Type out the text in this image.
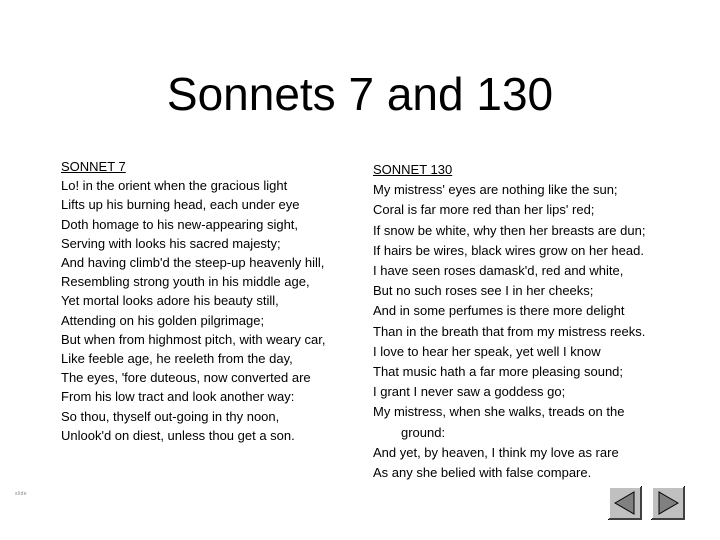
Sonnets 7 and 130
SONNET 7
Lo! in the orient when the gracious light
Lifts up his burning head, each under eye
Doth homage to his new-appearing sight,
Serving with looks his sacred majesty;
And having climb'd the steep-up heavenly hill,
Resembling strong youth in his middle age,
Yet mortal looks adore his beauty still,
Attending on his golden pilgrimage;
But when from highmost pitch, with weary car,
Like feeble age, he reeleth from the day,
The eyes, 'fore duteous, now converted are
From his low tract and look another way:
So thou, thyself out-going in thy noon,
Unlook'd on diest, unless thou get a son.
SONNET 130
My mistress' eyes are nothing like the sun;
Coral is far more red than her lips' red;
If snow be white, why then her breasts are dun;
If hairs be wires, black wires grow on her head.
I have seen roses damask'd, red and white,
But no such roses see I in her cheeks;
And in some perfumes is there more delight
Than in the breath that from my mistress reeks.
I love to hear her speak, yet well I know
That music hath a far more pleasing sound;
I grant I never saw a goddess go;
My mistress, when she walks, treads on the
ground:
And yet, by heaven, I think my love as rare
As any she belied with false compare.
slide
